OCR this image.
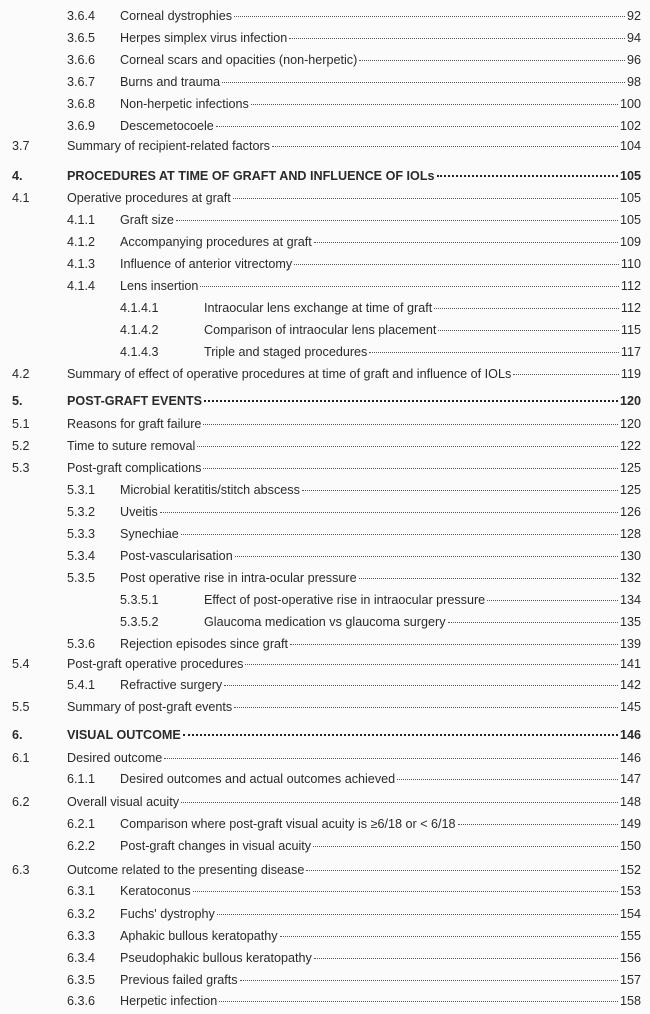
3.6.4 Corneal dystrophies	92
3.6.5 Herpes simplex virus infection	94
3.6.6 Corneal scars and opacities (non-herpetic)	96
3.6.7 Burns and trauma	98
3.6.8 Non-herpetic infections	100
3.6.9 Descemetocoele	102
3.7	Summary of recipient-related factors	104
4.	PROCEDURES AT TIME OF GRAFT AND INFLUENCE OF IOLs	105
4.1	Operative procedures at graft	105
4.1.1 Graft size	105
4.1.2 Accompanying procedures at graft	109
4.1.3 Influence of anterior vitrectomy	110
4.1.4 Lens insertion	112
4.1.4.1	Intraocular lens exchange at time of graft	112
4.1.4.2	Comparison of intraocular lens placement	115
4.1.4.3	Triple and staged procedures	117
4.2	Summary of effect of operative procedures at time of graft and influence of IOLs	119
5.	POST-GRAFT EVENTS	120
5.1	Reasons for graft failure	120
5.2	Time to suture removal	122
5.3	Post-graft complications	125
5.3.1 Microbial keratitis/stitch abscess	125
5.3.2 Uveitis	126
5.3.3 Synechiae	128
5.3.4 Post-vascularisation	130
5.3.5 Post operative rise in intra-ocular pressure	132
5.3.5.1	Effect of post-operative rise in intraocular pressure	134
5.3.5.2	Glaucoma medication vs glaucoma surgery	135
5.3.6 Rejection episodes since graft	139
5.4	Post-graft operative procedures	141
5.4.1 Refractive surgery	142
5.5	Summary of post-graft events	145
6.	VISUAL OUTCOME	146
6.1	Desired outcome	146
6.1.1 Desired outcomes and actual outcomes achieved	147
6.2	Overall visual acuity	148
6.2.1 Comparison where post-graft visual acuity is ≥6/18 or < 6/18	149
6.2.2 Post-graft changes in visual acuity	150
6.3	Outcome related to the presenting disease	152
6.3.1 Keratoconus	153
6.3.2 Fuchs' dystrophy	154
6.3.3 Aphakic bullous keratopathy	155
6.3.4 Pseudophakic bullous keratopathy	156
6.3.5 Previous failed grafts	157
6.3.6 Herpetic infection	158
